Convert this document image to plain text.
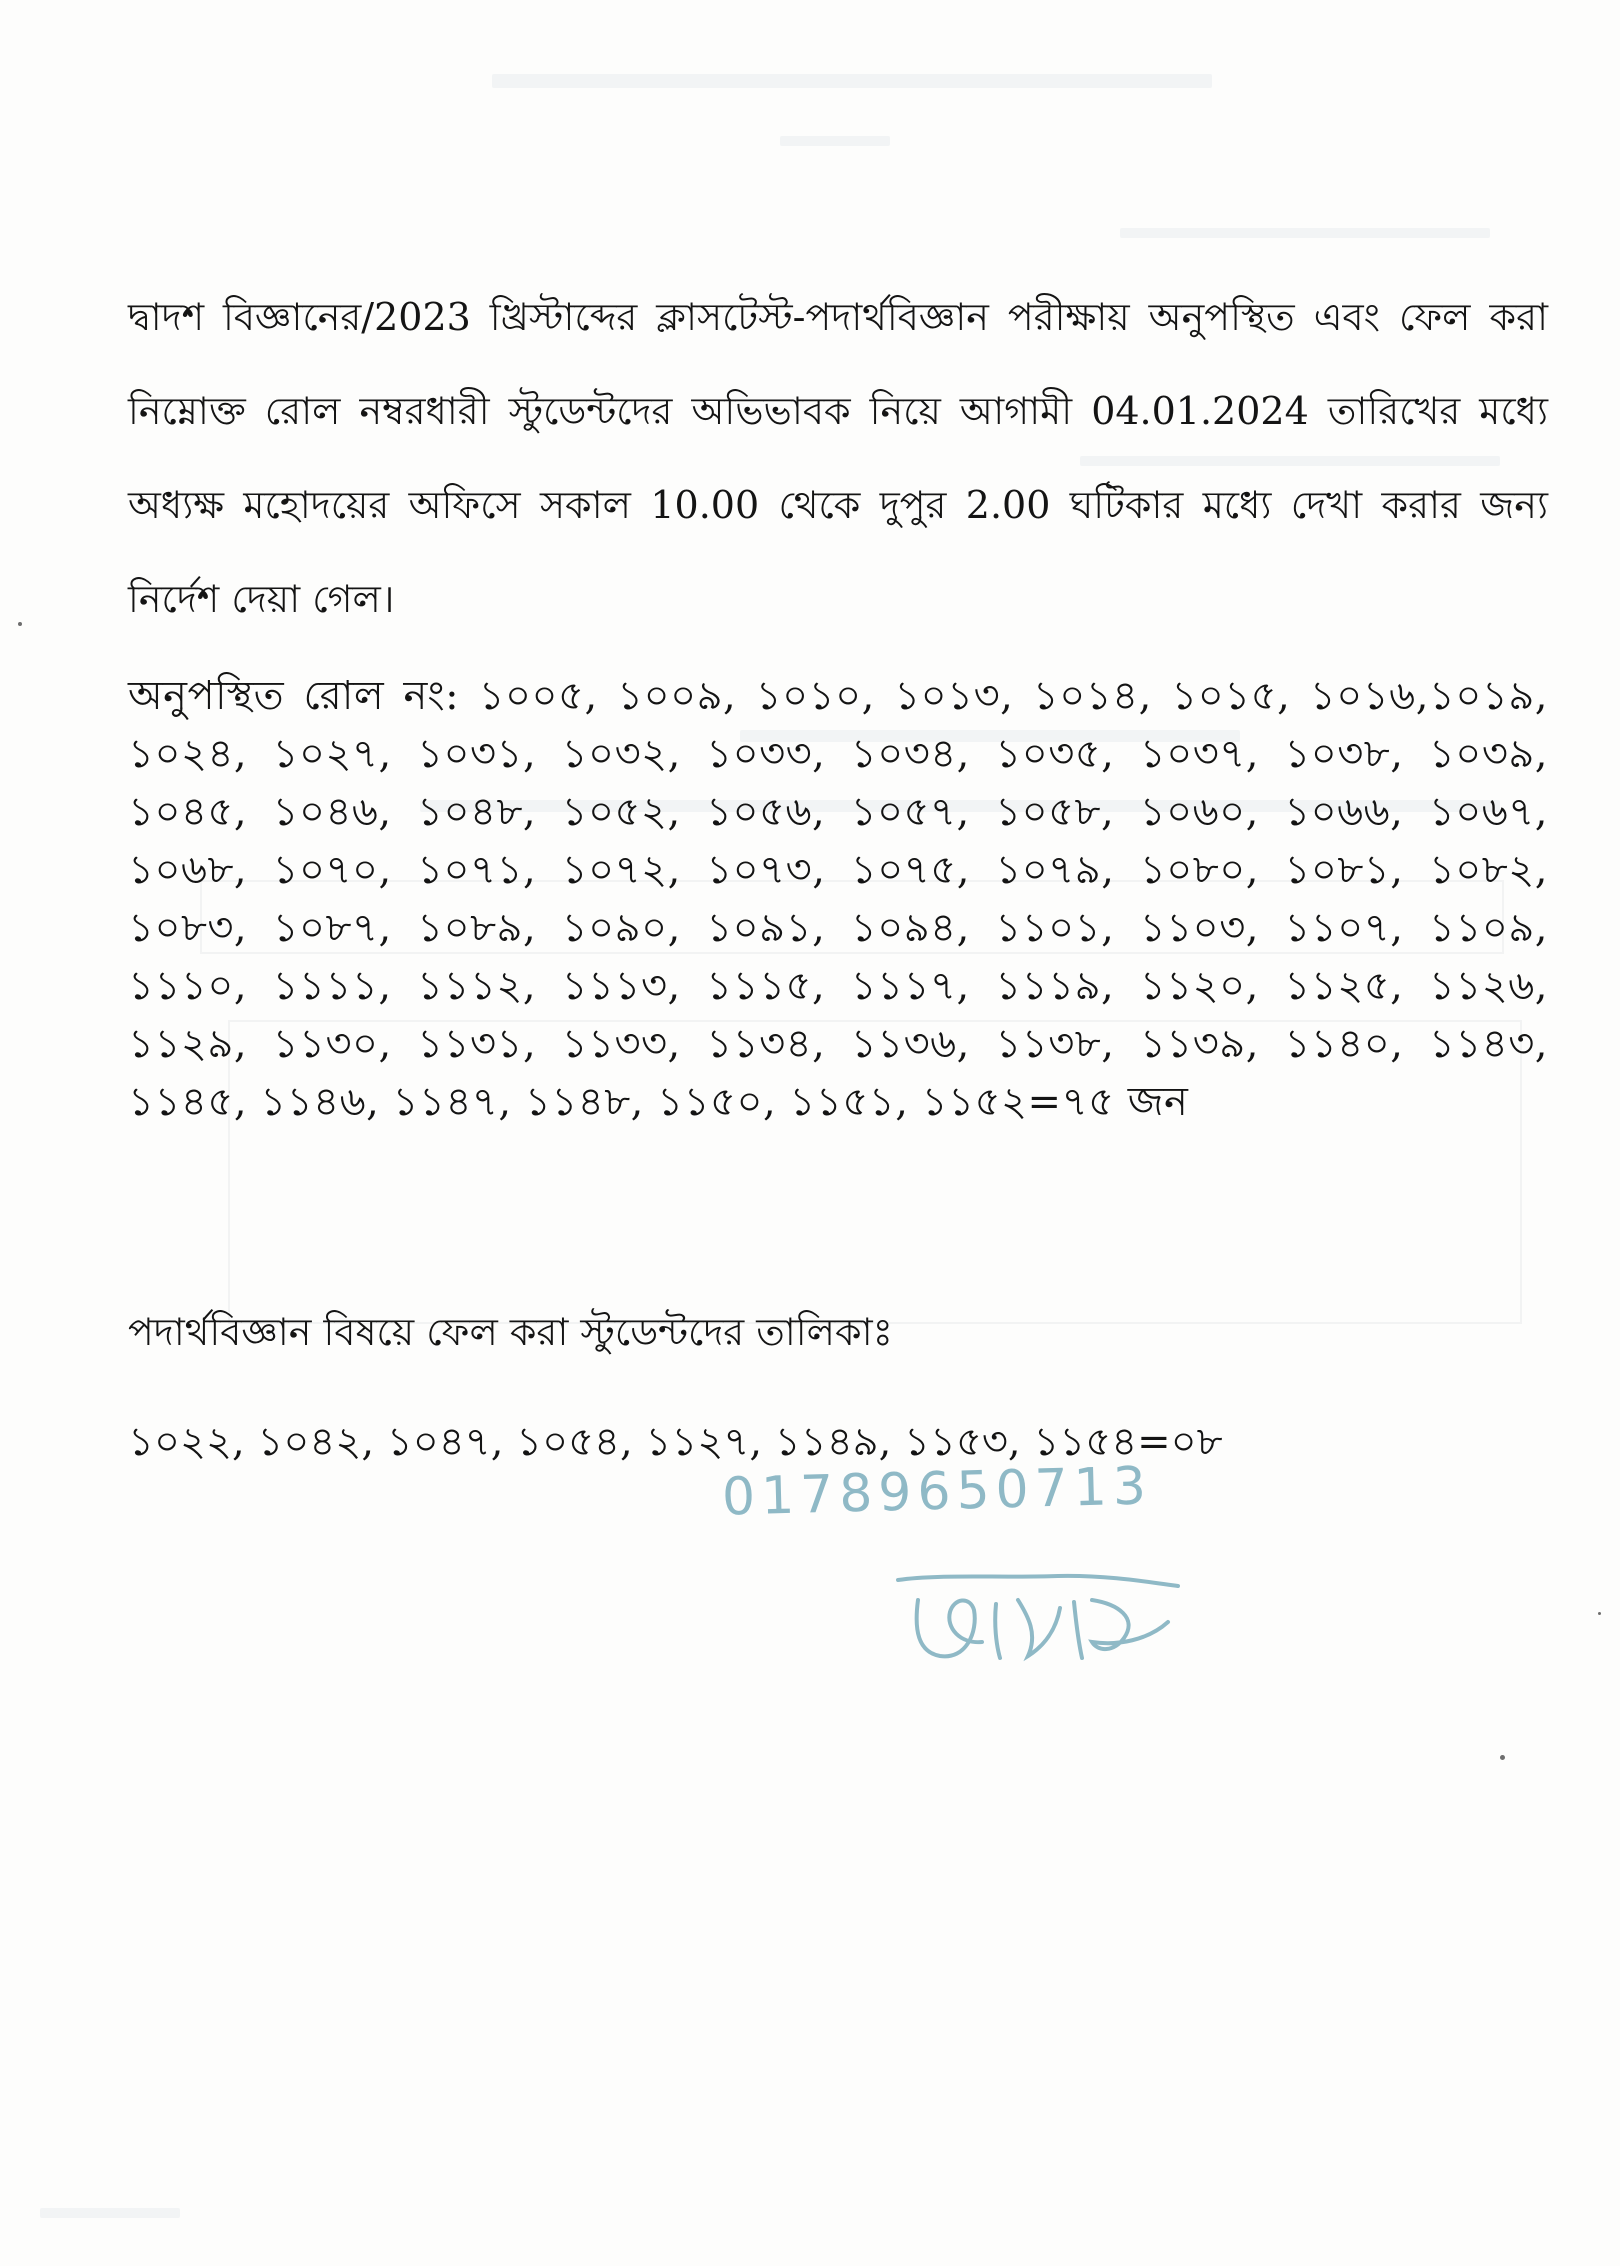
দ্বাদশ বিজ্ঞানের/2023 খ্রিস্টাব্দের ক্লাসটেস্ট-পদার্থবিজ্ঞান পরীক্ষায় অনুপস্থিত এবং ফেল করা নিম্নোক্ত রোল নম্বরধারী স্টুডেন্টদের অভিভাবক নিয়ে আগামী 04.01.2024 তারিখের মধ্যে অধ্যক্ষ মহোদয়ের অফিসে সকাল 10.00 থেকে দুপুর 2.00 ঘটিকার মধ্যে দেখা করার জন্য নির্দেশ দেয়া গেল।

অনুপস্থিত রোল নং: ১০০৫, ১০০৯, ১০১০, ১০১৩, ১০১৪, ১০১৫, ১০১৬,১০১৯, ১০২৪, ১০২৭, ১০৩১, ১০৩২, ১০৩৩, ১০৩৪, ১০৩৫, ১০৩৭, ১০৩৮, ১০৩৯, ১০৪৫, ১০৪৬, ১০৪৮, ১০৫২, ১০৫৬, ১০৫৭, ১০৫৮, ১০৬০, ১০৬৬, ১০৬৭, ১০৬৮, ১০৭০, ১০৭১, ১০৭২, ১০৭৩, ১০৭৫, ১০৭৯, ১০৮০, ১০৮১, ১০৮২, ১০৮৩, ১০৮৭, ১০৮৯, ১০৯০, ১০৯১, ১০৯৪, ১১০১, ১১০৩, ১১০৭, ১১০৯, ১১১০, ১১১১, ১১১২, ১১১৩, ১১১৫, ১১১৭, ১১১৯, ১১২০, ১১২৫, ১১২৬, ১১২৯, ১১৩০, ১১৩১, ১১৩৩, ১১৩৪, ১১৩৬, ১১৩৮, ১১৩৯, ১১৪০, ১১৪৩, ১১৪৫, ১১৪৬, ১১৪৭, ১১৪৮, ১১৫০, ১১৫১, ১১৫২=৭৫ জন

পদার্থবিজ্ঞান বিষয়ে ফেল করা স্টুডেন্টদের তালিকাঃ

১০২২, ১০৪২, ১০৪৭, ১০৫৪, ১১২৭, ১১৪৯, ১১৫৩, ১১৫৪=০৮

01789650713
